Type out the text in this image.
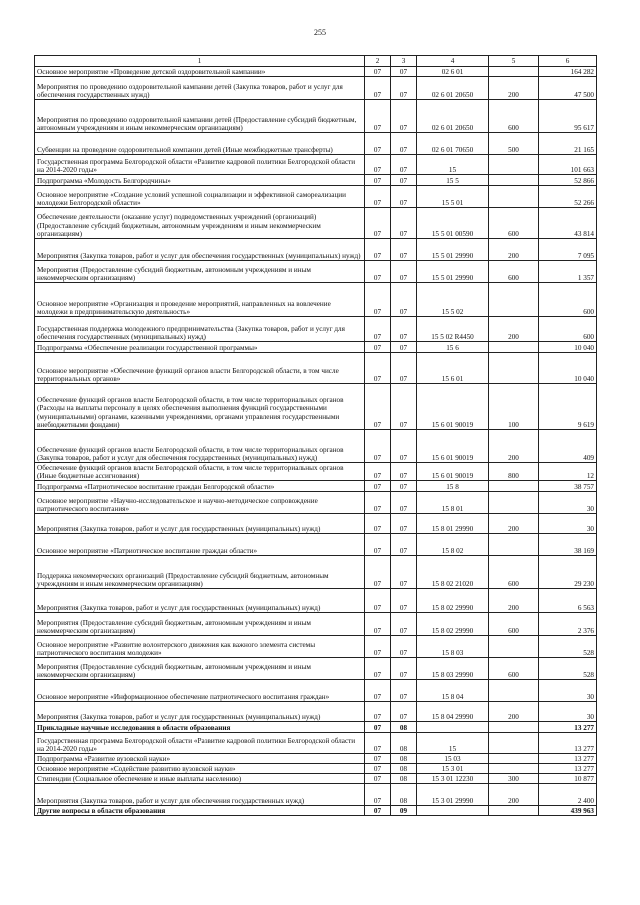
255
1	2	3	4	5	6
Основное мероприятие «Проведение детской оздоровительной кампании»	07	07	02 6 01		164 282
Мероприятия по проведению оздоровительной кампании детей (Закупка товаров, работ и услуг для обеспечения государственных нужд)	07	07	02 6 01 20650	200	47 500
Мероприятия по проведению оздоровительной кампании детей (Предоставление субсидий бюджетным, автономным учреждениям и иным некоммерческим организациям)	07	07	02 6 01 20650	600	95 617
Субвенции на проведение оздоровительной компании детей (Иные межбюджетные трансферты)	07	07	02 6 01 70650	500	21 165
Государственная программа Белгородской области «Развитие кадровой политики Белгородской области на 2014-2020 годы»	07	07	15		101 663
Подпрограмма «Молодость Белгородчины»	07	07	15 5		52 866
Основное мероприятие «Создание условий успешной социализации и эффективной самореализации молодежи Белгородской области»	07	07	15 5 01		52 266
Обеспечение деятельности (оказание услуг) подведомственных учреждений (организаций) (Предоставление субсидий бюджетным, автономным учреждениям и иным некоммерческим организациям)	07	07	15 5 01 00590	600	43 814
Мероприятия (Закупка товаров, работ и услуг для обеспечения государственных (муниципальных) нужд)	07	07	15 5 01 29990	200	7 095
Мероприятия (Предоставление субсидий бюджетным, автономным учреждениям и иным некоммерческим организациям)	07	07	15 5 01 29990	600	1 357
Основное мероприятие «Организация и проведение мероприятий, направленных на вовлечение молодежи в предпринимательскую деятельность»	07	07	15 5 02		600
Государственная поддержка молодежного предпринимательства (Закупка товаров, работ и услуг для обеспечения государственных (муниципальных) нужд)	07	07	15 5 02 R4450	200	600
Подпрограмма «Обеспечение реализации государственной программы»	07	07	15 6		10 040
Основное мероприятие «Обеспечение функций органов власти Белгородской области, в том числе территориальных органов»	07	07	15 6 01		10 040
Обеспечение функций органов власти Белгородской области, в том числе территориальных органов (Расходы на выплаты персоналу в целях обеспечения выполнения функций государственными (муниципальными) органами, казенными учреждениями, органами управления государственными внебюджетными фондами)	07	07	15 6 01 90019	100	9 619
Обеспечение функций органов власти Белгородской области, в том числе территориальных органов (Закупка товаров, работ и услуг для обеспечения государственных (муниципальных) нужд)	07	07	15 6 01 90019	200	409
Обеспечение функций органов власти Белгородской области, в том числе территориальных органов (Иные бюджетные ассигнования)	07	07	15 6 01 90019	800	12
Подпрограмма «Патриотическое воспитание граждан Белгородской области»	07	07	15 8		38 757
Основное мероприятие «Научно-исследовательское и научно-методическое сопровождение патриотического воспитания»	07	07	15 8 01		30
Мероприятия (Закупка товаров, работ и услуг для государственных (муниципальных) нужд)	07	07	15 8 01 29990	200	30
Основное мероприятие «Патриотическое воспитание граждан области»	07	07	15 8 02		38 169
Поддержка некоммерческих организаций (Предоставление субсидий бюджетным, автономным учреждениям и иным некоммерческим организациям)	07	07	15 8 02 21020	600	29 230
Мероприятия (Закупка товаров, работ и услуг для государственных (муниципальных) нужд)	07	07	15 8 02 29990	200	6 563
Мероприятия (Предоставление субсидий бюджетным, автономным учреждениям и иным некоммерческим организациям)	07	07	15 8 02 29990	600	2 376
Основное мероприятие «Развитие волонтерского движения как важного элемента системы патриотического воспитания молодежи»	07	07	15 8 03		528
Мероприятия (Предоставление субсидий бюджетным, автономным учреждениям и иным некоммерческим организациям)	07	07	15 8 03 29990	600	528
Основное мероприятие «Информационное обеспечение патриотического воспитания граждан»	07	07	15 8 04		30
Мероприятия (Закупка товаров, работ и услуг для государственных (муниципальных) нужд)	07	07	15 8 04 29990	200	30
Прикладные научные исследования в области образования	07	08			13 277
Государственная программа Белгородской области «Развитие кадровой политики Белгородской области на 2014-2020 годы»	07	08	15		13 277
Подпрограмма «Развитие вузовской науки»	07	08	15 03		13 277
Основное мероприятие «Содействие развитию вузовской науки»	07	08	15 3 01		13 277
Стипендии (Социальное обеспечение и иные выплаты населению)	07	08	15 3 01 12230	300	10 877
Мероприятия (Закупка товаров, работ и услуг для обеспечения государственных нужд)	07	08	15 3 01 29990	200	2 400
Другие вопросы в области образования	07	09			439 963
